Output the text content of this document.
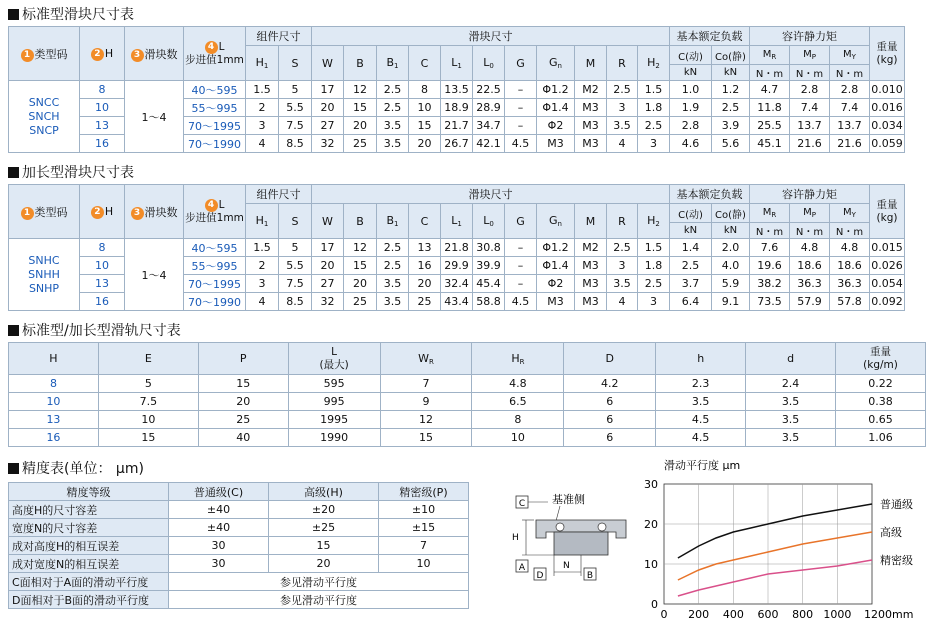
标准型滑块尺寸表
1 类型码	2 H	3 滑块数	4 L
步进值1mm	组件尺寸		滑块尺寸											基本额定负载		容许静力矩			重量
(kg)
				$H_1$	S	W	B	$B_1$	C	$L_1$	$L_0$	G	$G_n$	M	R	$H_2$	C(动)	Co(静)	$M_R$	$M_P$	$M_Y$
																	kN	kN	N・m	N・m	N・m	
SNCC
SNCH
SNCP	8	1～4	40～595	1.5	5	17	12	2.5	8	13.5	22.5	–	Φ1.2	M2	2.5	1.5	1.0	1.2	4.7	2.8	2.8	0.010
	10		55～995	2	5.5	20	15	2.5	10	18.9	28.9	–	Φ1.4	M3	3	1.8	1.9	2.5	11.8	7.4	7.4	0.016
	13		70～1995	3	7.5	27	20	3.5	15	21.7	34.7	–	Φ2	M3	3.5	2.5	2.8	3.9	25.5	13.7	13.7	0.034
	16		70～1990	4	8.5	32	25	3.5	20	26.7	42.1	4.5	M3	M3	4	3	4.6	5.6	45.1	21.6	21.6	0.059
加长型滑块尺寸表
1 类型码	2 H	3 滑块数	4 L
步进值1mm	组件尺寸		滑块尺寸											基本额定负载		容许静力矩			重量
(kg)
				$H_1$	S	W	B	$B_1$	C	$L_1$	$L_0$	G	$G_n$	M	R	$H_2$	C(动)	Co(静)	$M_R$	$M_P$	$M_Y$
																	kN	kN	N・m	N・m	N・m	
SNHC
SNHH
SNHP	8	1～4	40～595	1.5	5	17	12	2.5	13	21.8	30.8	–	Φ1.2	M2	2.5	1.5	1.4	2.0	7.6	4.8	4.8	0.015
	10		55～995	2	5.5	20	15	2.5	16	29.9	39.9	–	Φ1.4	M3	3	1.8	2.5	4.0	19.6	18.6	18.6	0.026
	13		70～1995	3	7.5	27	20	3.5	20	32.4	45.4	–	Φ2	M3	3.5	2.5	3.7	5.9	38.2	36.3	36.3	0.054
	16		70～1990	4	8.5	32	25	3.5	25	43.4	58.8	4.5	M3	M3	4	3	6.4	9.1	73.5	57.9	57.8	0.092
标准型/加长型滑轨尺寸表
H	E	P	L
(最大)	$W_R$	$H_R$	D	h	d	重量
(kg/m)
8	5	15	595	7	4.8	4.2	2.3	2.4	0.22
10	7.5	20	995	9	6.5	6	3.5	3.5	0.38
13	10	25	1995	12	8	6	4.5	3.5	0.65
16	15	40	1990	15	10	6	4.5	3.5	1.06
精度表(单位： μm)
精度等级	普通级(C)	高级(H)	精密级(P)
高度H的尺寸容差	±40	±20	±10
宽度N的尺寸容差	±40	±25	±15
成对高度H的相互误差	30	15	7
成对宽度N的相互误差	30	20	10
C面相对于A面的滑动平行度	参见滑动平行度		
D面相对于B面的滑动平行度	参见滑动平行度		
C 基准侧
H
A
D
N
B
滑动平行度 μm
0 200 400 600 800 1000 1200mm
0
10
20
30
普通级
高级
精密级
